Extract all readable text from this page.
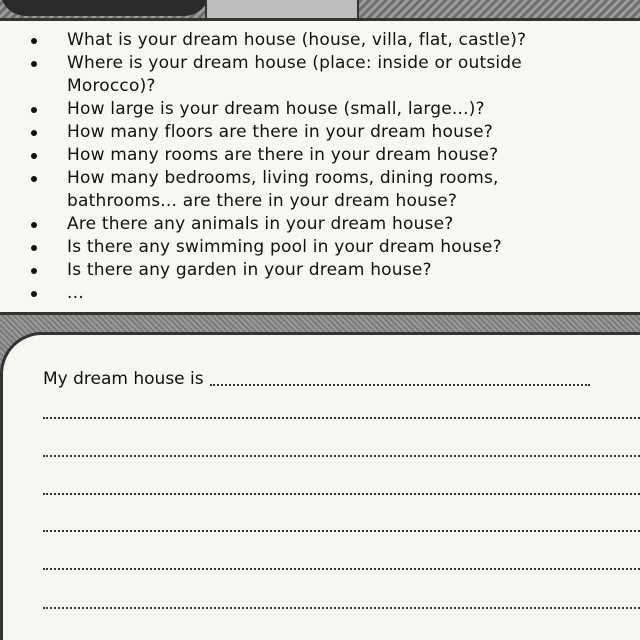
What is your dream house (house, villa, flat, castle)?
Where is your dream house (place: inside or outside
Morocco)?
How large is your dream house (small, large...)?
How many floors are there in your dream house?
How many rooms are there in your dream house?
How many bedrooms, living rooms, dining rooms,
bathrooms... are there in your dream house?
Are there any animals in your dream house?
Is there any swimming pool in your dream house?
Is there any garden in your dream house?
...
My dream house is
